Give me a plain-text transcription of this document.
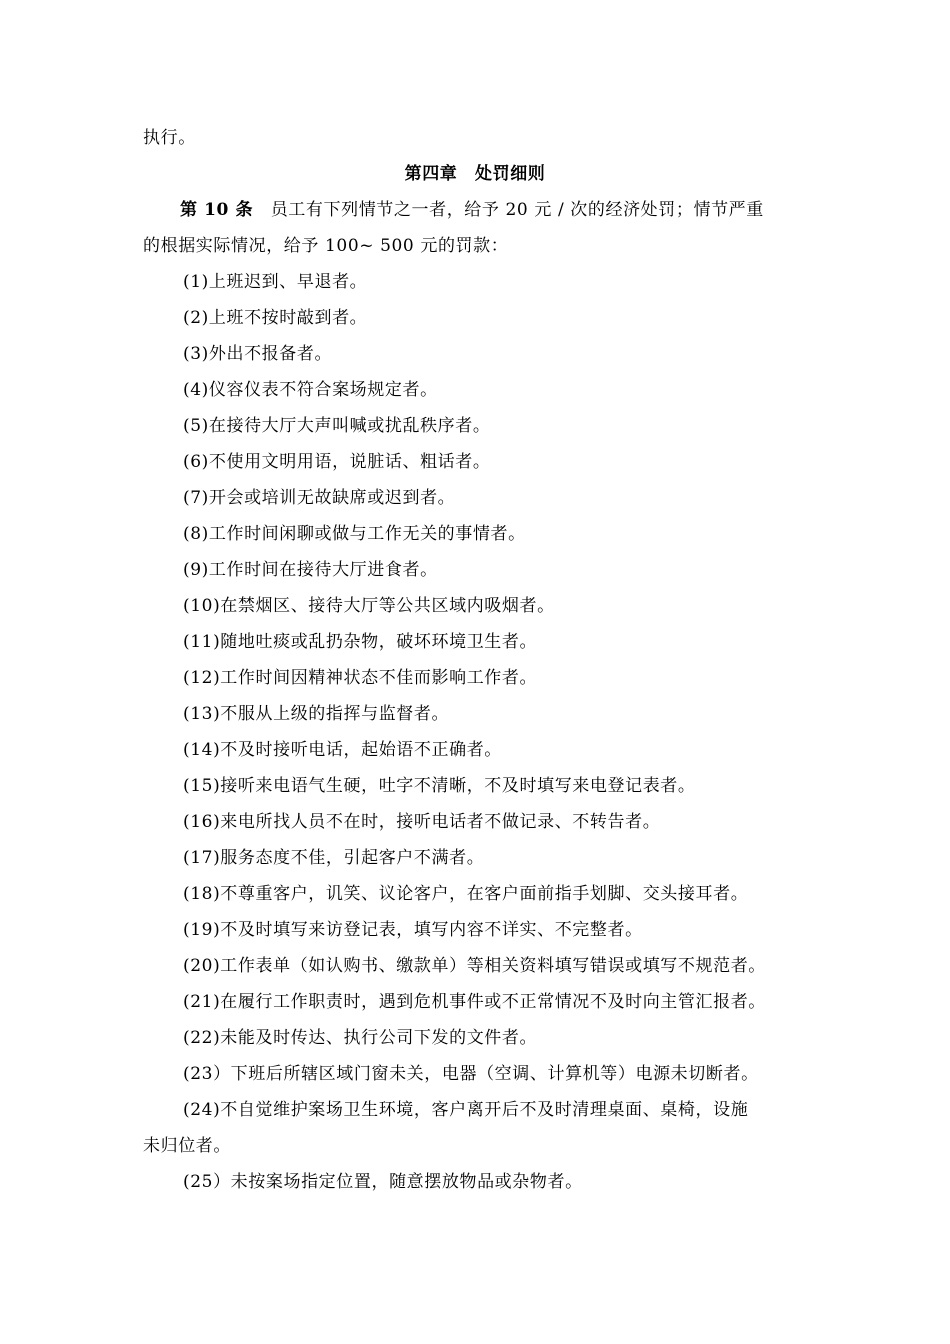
执行。
第四章　处罚细则
第 10 条　员工有下列情节之一者，给予 20 元 / 次的经济处罚；情节严重
的根据实际情况，给予 100~ 500 元的罚款：
(1)上班迟到、早退者。
(2)上班不按时敲到者。
(3)外出不报备者。
(4)仪容仪表不符合案场规定者。
(5)在接待大厅大声叫喊或扰乱秩序者。
(6)不使用文明用语，说脏话、粗话者。
(7)开会或培训无故缺席或迟到者。
(8)工作时间闲聊或做与工作无关的事情者。
(9)工作时间在接待大厅进食者。
(10)在禁烟区、接待大厅等公共区域内吸烟者。
(11)随地吐痰或乱扔杂物，破坏环境卫生者。
(12)工作时间因精神状态不佳而影响工作者。
(13)不服从上级的指挥与监督者。
(14)不及时接听电话，起始语不正确者。
(15)接听来电语气生硬，吐字不清晰，不及时填写来电登记表者。
(16)来电所找人员不在时，接听电话者不做记录、不转告者。
(17)服务态度不佳，引起客户不满者。
(18)不尊重客户，讥笑、议论客户，在客户面前指手划脚、交头接耳者。
(19)不及时填写来访登记表，填写内容不详实、不完整者。
(20)工作表单（如认购书、缴款单）等相关资料填写错误或填写不规范者。
(21)在履行工作职责时，遇到危机事件或不正常情况不及时向主管汇报者。
(22)未能及时传达、执行公司下发的文件者。
(23）下班后所辖区域门窗未关，电器（空调、计算机等）电源未切断者。
(24)不自觉维护案场卫生环境，客户离开后不及时清理桌面、桌椅，设施
未归位者。
(25）未按案场指定位置，随意摆放物品或杂物者。
